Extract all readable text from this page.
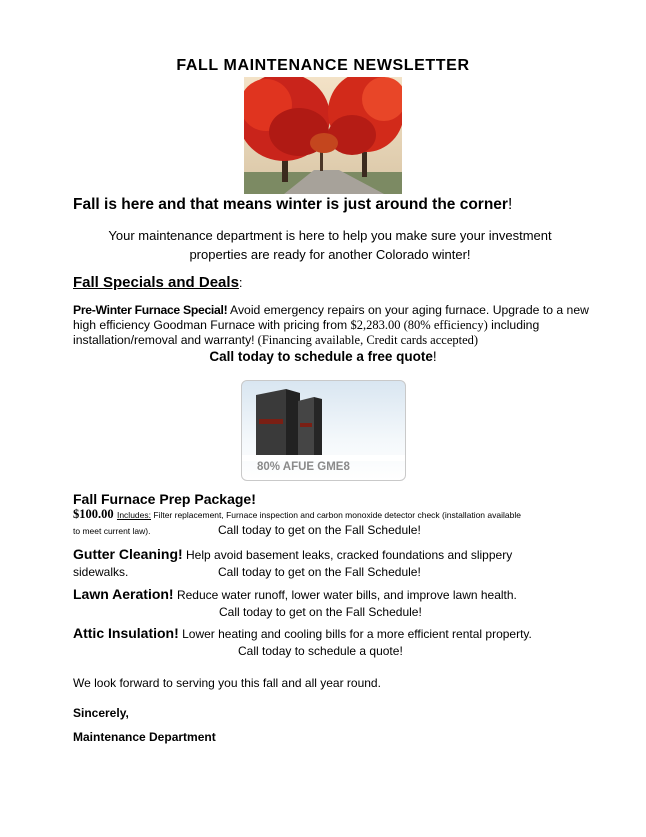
FALL MAINTENANCE NEWSLETTER
Fall is here and that means winter is just around the corner!
Your maintenance department is here to help you make sure your investment
properties are ready for another Colorado winter!
Fall Specials and Deals:
Pre-Winter Furnace Special! Avoid emergency repairs on your aging furnace. Upgrade to a new high efficiency Goodman Furnace with pricing from $2,283.00 (80% efficiency) including installation/removal and warranty! (Financing available, Credit cards accepted)
Call today to schedule a free quote!
80% AFUE GME8
Fall Furnace Prep Package!
$100.00 Includes: Filter replacement, Furnace inspection and carbon monoxide detector check (installation available
to meet current law).	Call today to get on the Fall Schedule!
Gutter Cleaning! Help avoid basement leaks, cracked foundations and slippery
sidewalks.	Call today to get on the Fall Schedule!
Lawn Aeration! Reduce water runoff, lower water bills, and improve lawn health.
Call today to get on the Fall Schedule!
Attic Insulation! Lower heating and cooling bills for a more efficient rental property.
Call today to schedule a quote!
We look forward to serving you this fall and all year round.
Sincerely,
Maintenance Department
